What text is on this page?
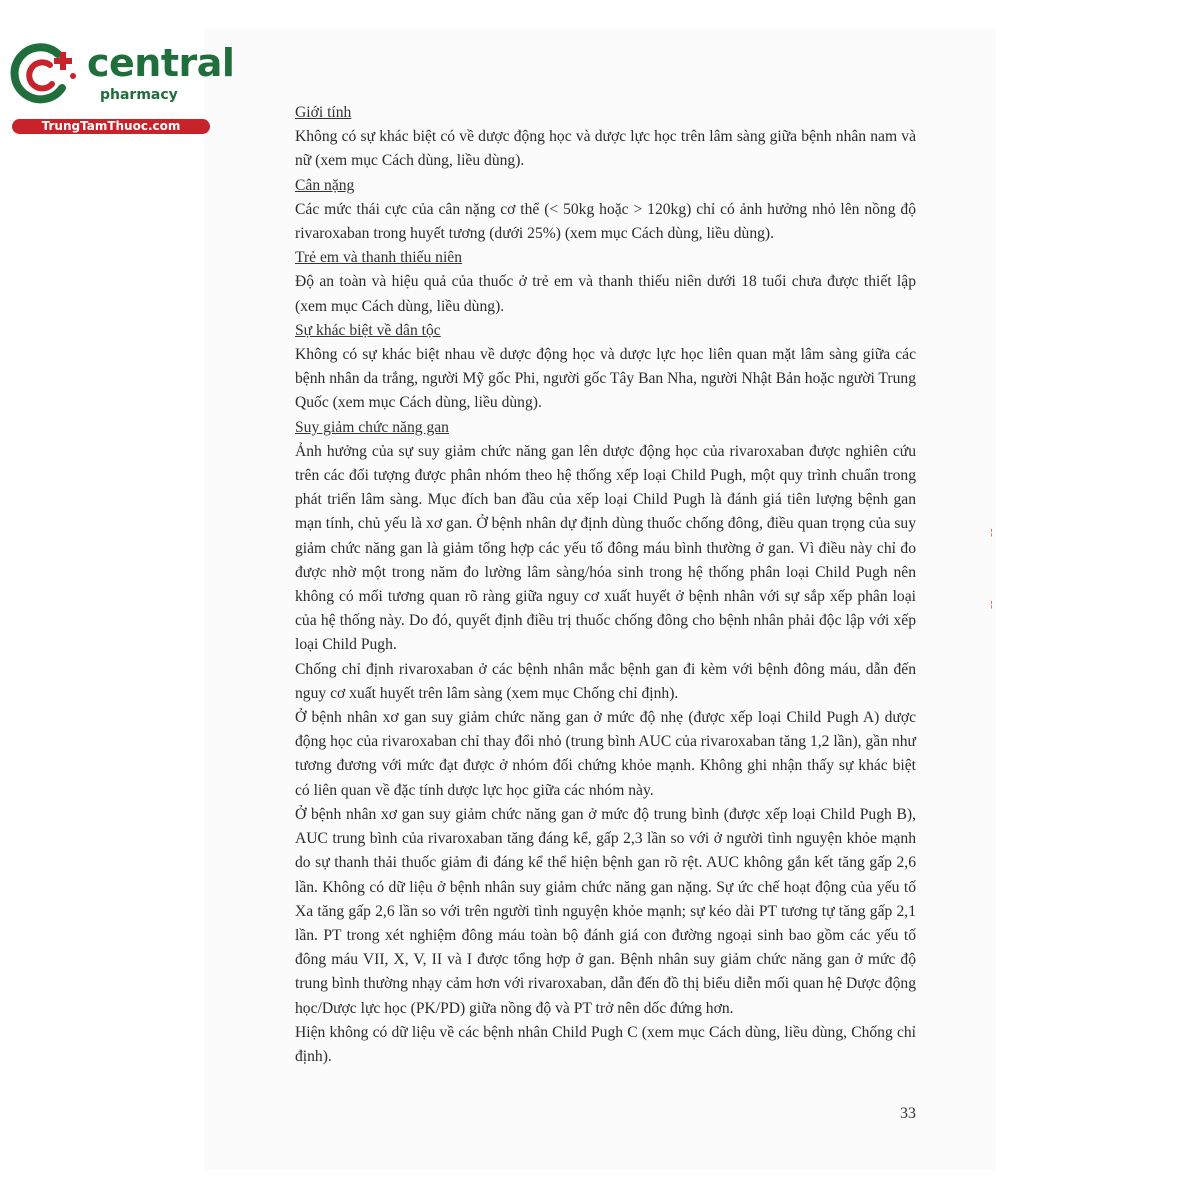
central
pharmacy
TrungTamThuoc.com

Giới tính

Không có sự khác biệt có về dược động học và dược lực học trên lâm sàng giữa bệnh nhân nam và nữ (xem mục Cách dùng, liều dùng).

Cân nặng

Các mức thái cực của cân nặng cơ thể (< 50kg hoặc > 120kg) chỉ có ảnh hưởng nhỏ lên nồng độ rivaroxaban trong huyết tương (dưới 25%) (xem mục Cách dùng, liều dùng).

Trẻ em và thanh thiếu niên

Độ an toàn và hiệu quả của thuốc ở trẻ em và thanh thiếu niên dưới 18 tuổi chưa được thiết lập (xem mục Cách dùng, liều dùng).

Sự khác biệt về dân tộc

Không có sự khác biệt nhau về dược động học và dược lực học liên quan mặt lâm sàng giữa các bệnh nhân da trắng, người Mỹ gốc Phi, người gốc Tây Ban Nha, người Nhật Bản hoặc người Trung Quốc (xem mục Cách dùng, liều dùng).

Suy giảm chức năng gan

Ảnh hưởng của sự suy giảm chức năng gan lên dược động học của rivaroxaban được nghiên cứu trên các đối tượng được phân nhóm theo hệ thống xếp loại Child Pugh, một quy trình chuẩn trong phát triển lâm sàng. Mục đích ban đầu của xếp loại Child Pugh là đánh giá tiên lượng bệnh gan mạn tính, chủ yếu là xơ gan. Ở bệnh nhân dự định dùng thuốc chống đông, điều quan trọng của suy giảm chức năng gan là giảm tổng hợp các yếu tố đông máu bình thường ở gan. Vì điều này chỉ đo được nhờ một trong năm đo lường lâm sàng/hóa sinh trong hệ thống phân loại Child Pugh nên không có mối tương quan rõ ràng giữa nguy cơ xuất huyết ở bệnh nhân với sự sắp xếp phân loại của hệ thống này. Do đó, quyết định điều trị thuốc chống đông cho bệnh nhân phải độc lập với xếp loại Child Pugh.

Chống chỉ định rivaroxaban ở các bệnh nhân mắc bệnh gan đi kèm với bệnh đông máu, dẫn đến nguy cơ xuất huyết trên lâm sàng (xem mục Chống chỉ định).

Ở bệnh nhân xơ gan suy giảm chức năng gan ở mức độ nhẹ (được xếp loại Child Pugh A) dược động học của rivaroxaban chỉ thay đổi nhỏ (trung bình AUC của rivaroxaban tăng 1,2 lần), gần như tương đương với mức đạt được ở nhóm đối chứng khỏe mạnh. Không ghi nhận thấy sự khác biệt có liên quan về đặc tính dược lực học giữa các nhóm này.

Ở bệnh nhân xơ gan suy giảm chức năng gan ở mức độ trung bình (được xếp loại Child Pugh B), AUC trung bình của rivaroxaban tăng đáng kể, gấp 2,3 lần so với ở người tình nguyện khỏe mạnh do sự thanh thải thuốc giảm đi đáng kể thể hiện bệnh gan rõ rệt. AUC không gắn kết tăng gấp 2,6 lần. Không có dữ liệu ở bệnh nhân suy giảm chức năng gan nặng. Sự ức chế hoạt động của yếu tố Xa tăng gấp 2,6 lần so với trên người tình nguyện khỏe mạnh; sự kéo dài PT tương tự tăng gấp 2,1 lần. PT trong xét nghiệm đông máu toàn bộ đánh giá con đường ngoại sinh bao gồm các yếu tố đông máu VII, X, V, II và I được tổng hợp ở gan. Bệnh nhân suy giảm chức năng gan ở mức độ trung bình thường nhạy cảm hơn với rivaroxaban, dẫn đến đồ thị biểu diễn mối quan hệ Dược động học/Dược lực học (PK/PD) giữa nồng độ và PT trở nên dốc đứng hơn.

Hiện không có dữ liệu về các bệnh nhân Child Pugh C (xem mục Cách dùng, liều dùng, Chống chỉ định).

33
¦
¦
